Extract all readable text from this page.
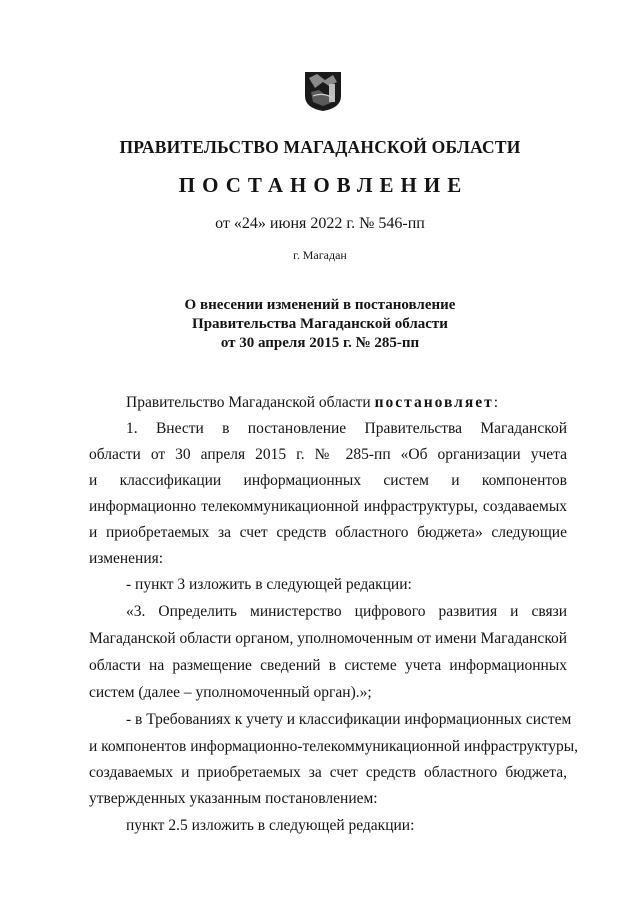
ПРАВИТЕЛЬСТВО МАГАДАНСКОЙ ОБЛАСТИ
ПОСТАНОВЛЕНИЕ
от «24» июня 2022 г. № 546-пп
г. Магадан
О внесении изменений в постановление
Правительства Магаданской области
от 30 апреля 2015 г. № 285-пп
Правительство Магаданской области постановляет:
1. Внести в постановление Правительства Магаданской
области от 30 апреля 2015 г. № 285-пп «Об организации учета
и классификации информационных систем и компонентов
информационно телекоммуникационной инфраструктуры, создаваемых
и приобретаемых за счет средств областного бюджета» следующие
изменения:
- пункт 3 изложить в следующей редакции:
«3. Определить министерство цифрового развития и связи
Магаданской области органом, уполномоченным от имени Магаданской
области на размещение сведений в системе учета информационных
систем (далее – уполномоченный орган).»;
- в Требованиях к учету и классификации информационных систем
и компонентов информационно-телекоммуникационной инфраструктуры,
создаваемых и приобретаемых за счет средств областного бюджета,
утвержденных указанным постановлением:
пункт 2.5 изложить в следующей редакции:
